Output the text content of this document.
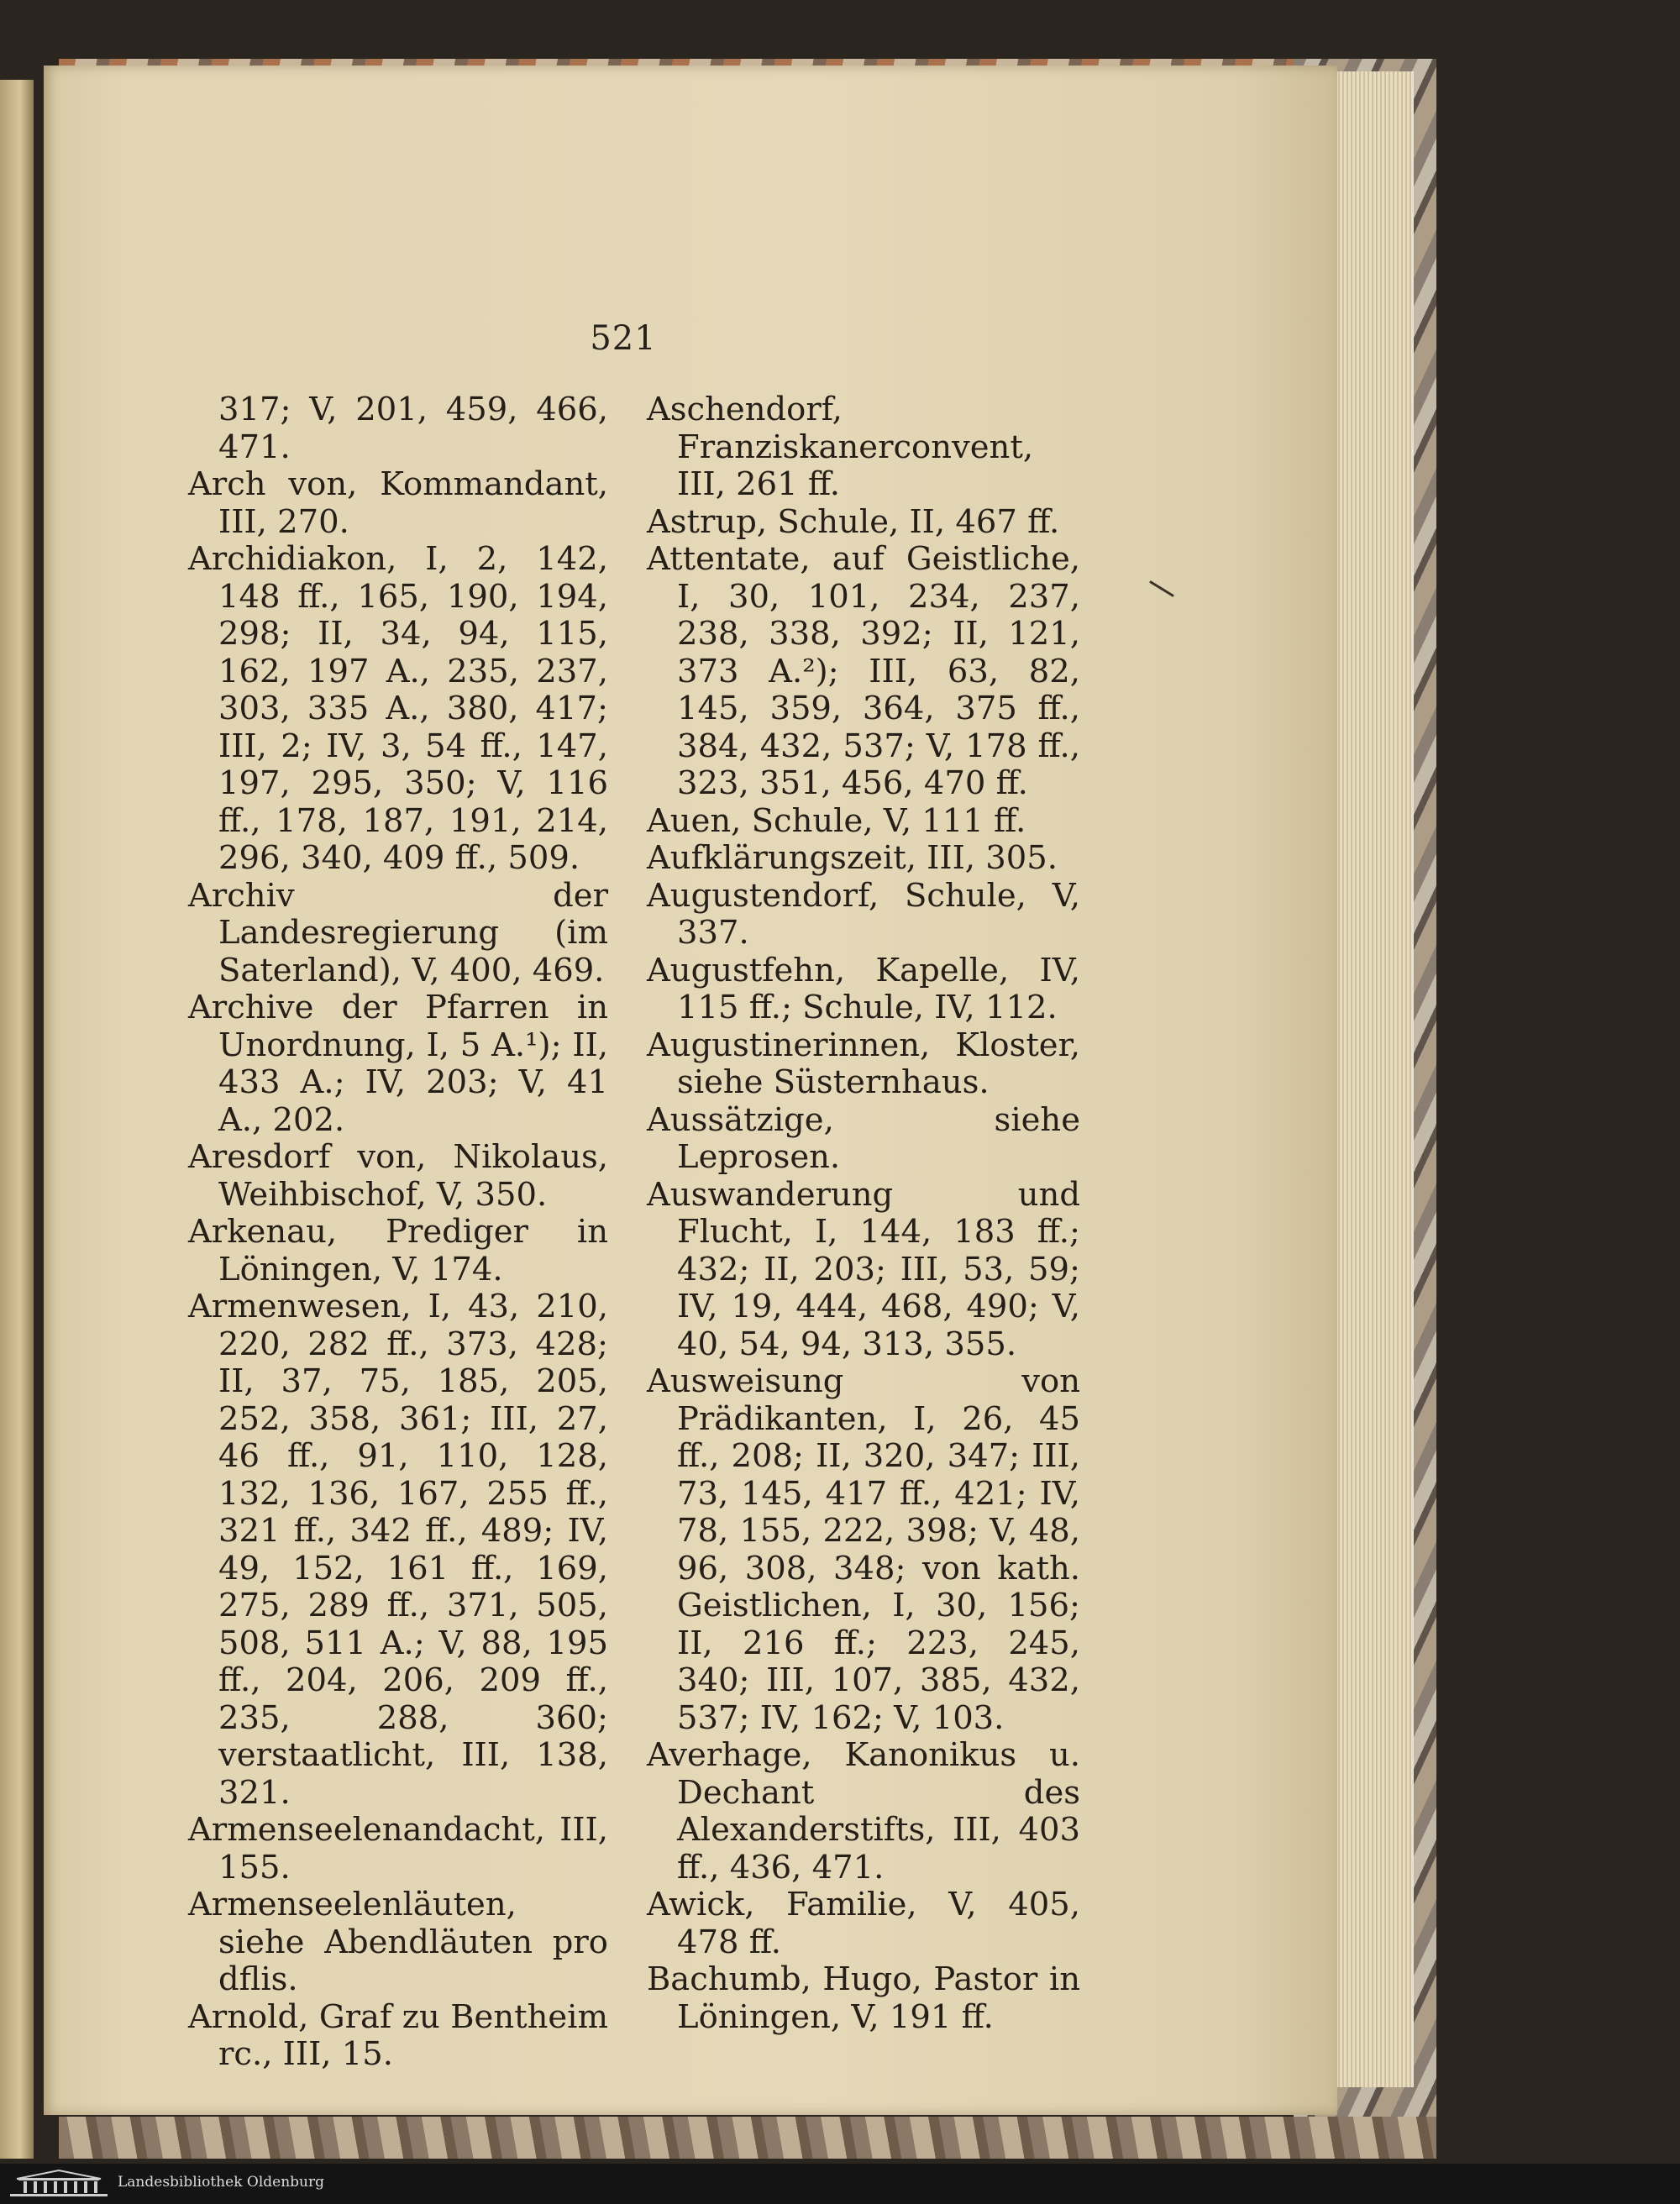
521

317; V, 201, 459, 466, 471.

Arch von, Kommandant, III, 270.

Archidiakon, I, 2, 142, 148 ff., 165, 190, 194, 298; II, 34, 94, 115, 162, 197 A., 235, 237, 303, 335 A., 380, 417; III, 2; IV, 3, 54 ff., 147, 197, 295, 350; V, 116 ff., 178, 187, 191, 214, 296, 340, 409 ff., 509.

Archiv der Landesregierung (im Saterland), V, 400, 469.

Archive der Pfarren in Unordnung, I, 5 A.¹); II, 433 A.; IV, 203; V, 41 A., 202.

Aresdorf von, Nikolaus, Weihbischof, V, 350.

Arkenau, Prediger in Löningen, V, 174.

Armenwesen, I, 43, 210, 220, 282 ff., 373, 428; II, 37, 75, 185, 205, 252, 358, 361; III, 27, 46 ff., 91, 110, 128, 132, 136, 167, 255 ff., 321 ff., 342 ff., 489; IV, 49, 152, 161 ff., 169, 275, 289 ff., 371, 505, 508, 511 A.; V, 88, 195 ff., 204, 206, 209 ff., 235, 288, 360; verstaatlicht, III, 138, 321.

Armenseelenandacht, III, 155.

Armenseelenläuten, siehe Abendläuten pro dflis.

Arnold, Graf zu Bentheim rc., III, 15.

Aschendorf, Franziskanerconvent, III, 261 ff.

Astrup, Schule, II, 467 ff.

Attentate, auf Geistliche, I, 30, 101, 234, 237, 238, 338, 392; II, 121, 373 A.²); III, 63, 82, 145, 359, 364, 375 ff., 384, 432, 537; V, 178 ff., 323, 351, 456, 470 ff.

Auen, Schule, V, 111 ff.

Aufklärungszeit, III, 305.

Augustendorf, Schule, V, 337.

Augustfehn, Kapelle, IV, 115 ff.; Schule, IV, 112.

Augustinerinnen, Kloster, siehe Süsternhaus.

Aussätzige, siehe Leprosen.

Auswanderung und Flucht, I, 144, 183 ff.; 432; II, 203; III, 53, 59; IV, 19, 444, 468, 490; V, 40, 54, 94, 313, 355.

Ausweisung von Prädikanten, I, 26, 45 ff., 208; II, 320, 347; III, 73, 145, 417 ff., 421; IV, 78, 155, 222, 398; V, 48, 96, 308, 348; von kath. Geistlichen, I, 30, 156; II, 216 ff.; 223, 245, 340; III, 107, 385, 432, 537; IV, 162; V, 103.

Averhage, Kanonikus u. Dechant des Alexanderstifts, III, 403 ff., 436, 471.

Awick, Familie, V, 405, 478 ff.

Bachumb, Hugo, Pastor in Löningen, V, 191 ff.

Landesbibliothek Oldenburg
